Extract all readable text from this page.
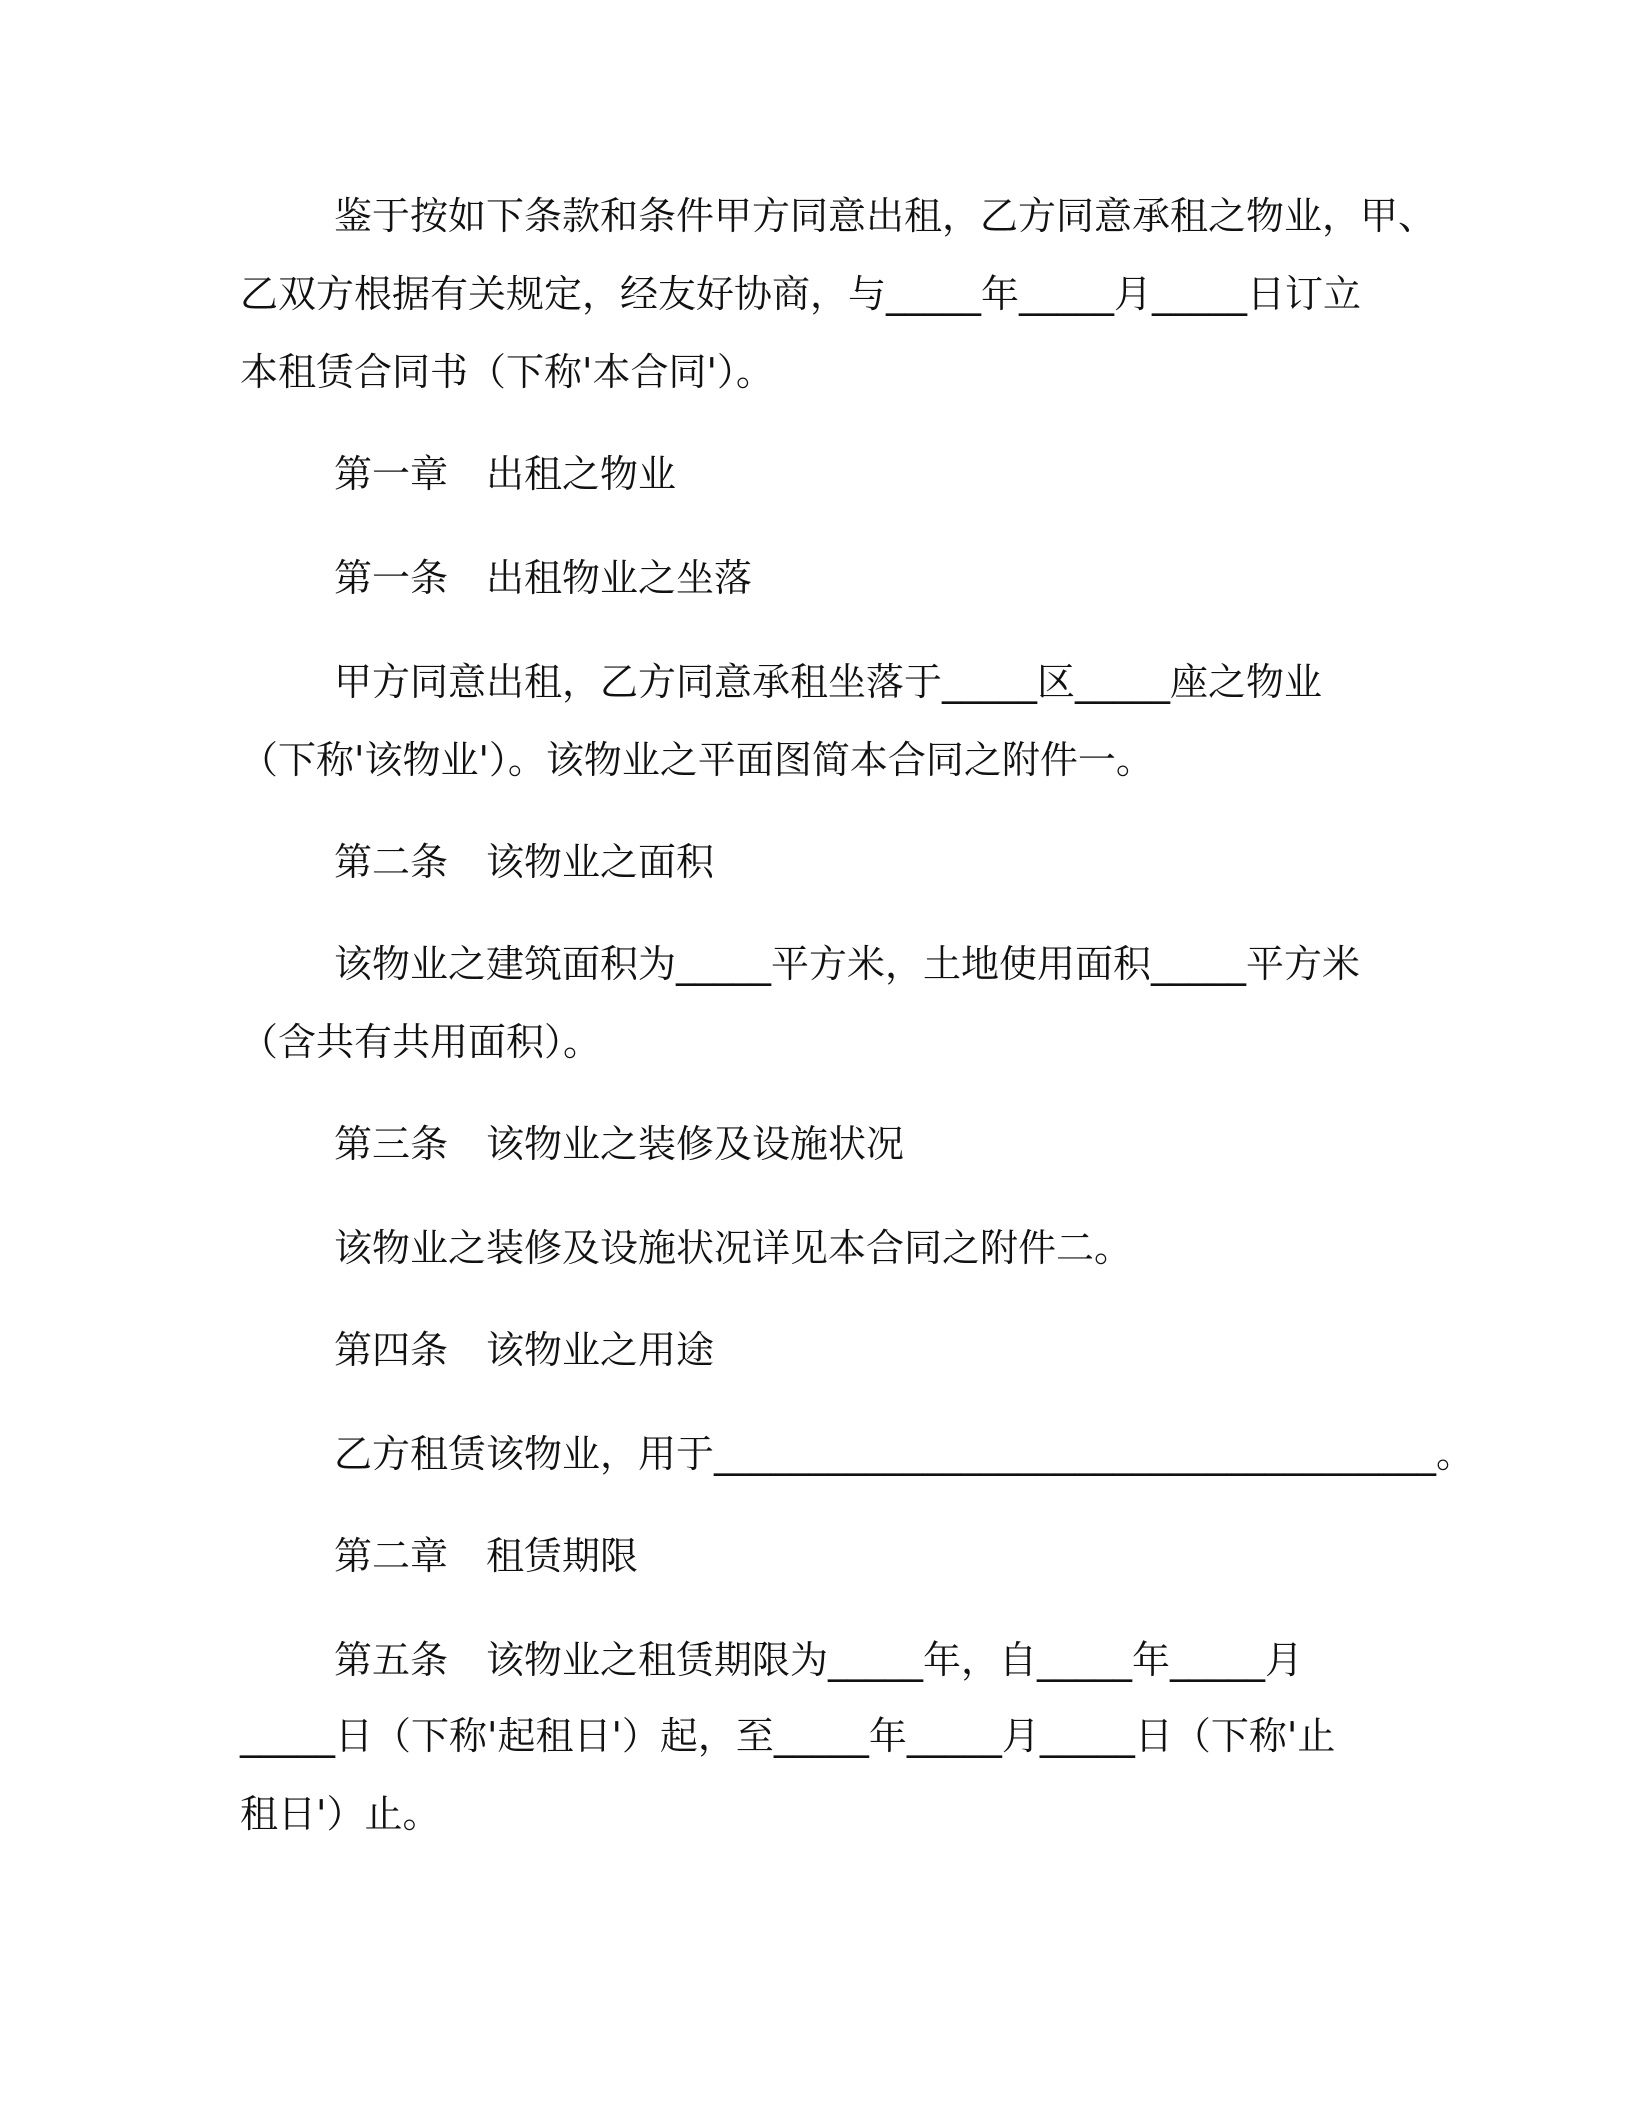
鉴于按如下条款和条件甲方同意出租，乙方同意承租之物业，甲、
乙双方根据有关规定，经友好协商，与_____年_____月_____日订立
本租赁合同书（下称'本合同'）。
第一章　出租之物业
第一条　出租物业之坐落
甲方同意出租，乙方同意承租坐落于_____区_____座之物业
（下称'该物业'）。该物业之平面图简本合同之附件一。
第二条　该物业之面积
该物业之建筑面积为_____平方米，土地使用面积_____平方米
（含共有共用面积）。
第三条　该物业之装修及设施状况
该物业之装修及设施状况详见本合同之附件二。
第四条　该物业之用途
乙方租赁该物业，用于______________________________________。
第二章　租赁期限
第五条　该物业之租赁期限为_____年，自_____年_____月
_____日（下称'起租日'）起，至_____年_____月_____日（下称'止
租日'）止。
